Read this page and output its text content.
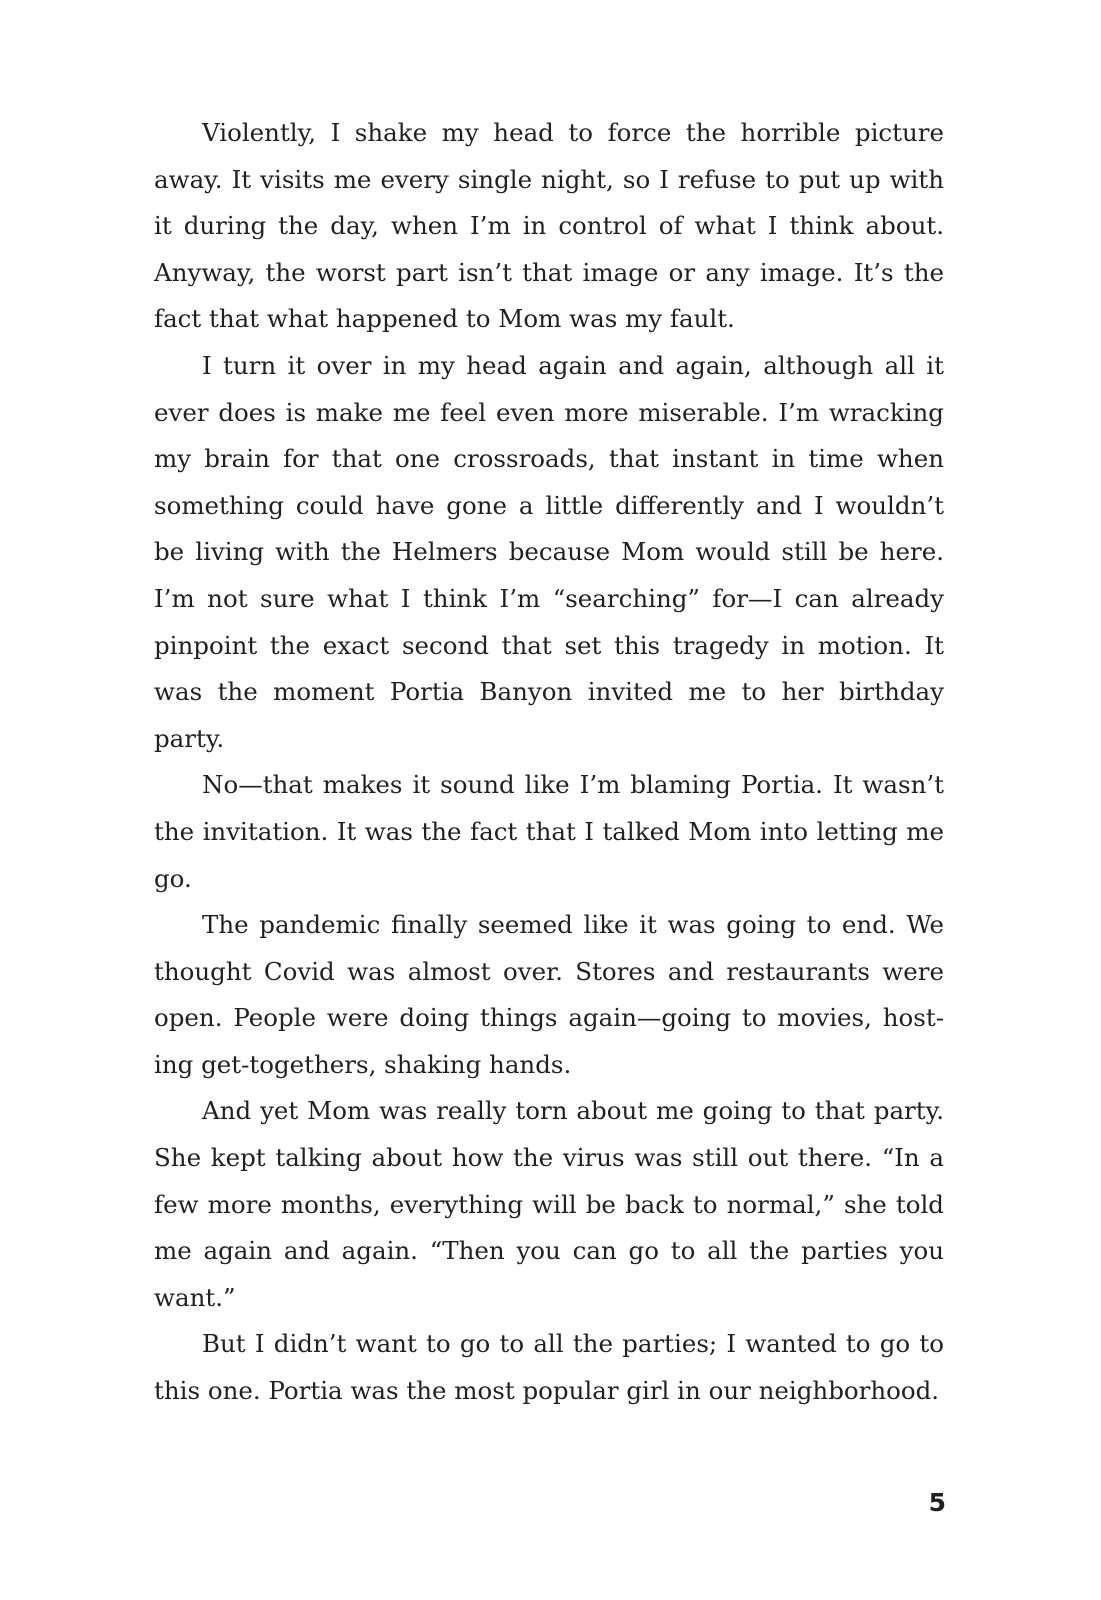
Violently, I shake my head to force the horrible picture away. It visits me every single night, so I refuse to put up with it during the day, when I’m in control of what I think about. Anyway, the worst part isn’t that image or any image. It’s the fact that what happened to Mom was my fault.

I turn it over in my head again and again, although all it ever does is make me feel even more miserable. I’m wracking my brain for that one crossroads, that instant in time when something could have gone a little differently and I wouldn’t be living with the Helmers because Mom would still be here. I’m not sure what I think I’m “searching” for—I can already pinpoint the exact second that set this tragedy in motion. It was the moment Portia Banyon invited me to her birthday party.

No—that makes it sound like I’m blaming Portia. It wasn’t the invitation. It was the fact that I talked Mom into letting me go.

The pandemic finally seemed like it was going to end. We thought Covid was almost over. Stores and restaurants were open. People were doing things again—going to movies, hosting get-togethers, shaking hands.

And yet Mom was really torn about me going to that party. She kept talking about how the virus was still out there. “In a few more months, everything will be back to normal,” she told me again and again. “Then you can go to all the parties you want.”

But I didn’t want to go to all the parties; I wanted to go to this one. Portia was the most popular girl in our neighborhood.

5
